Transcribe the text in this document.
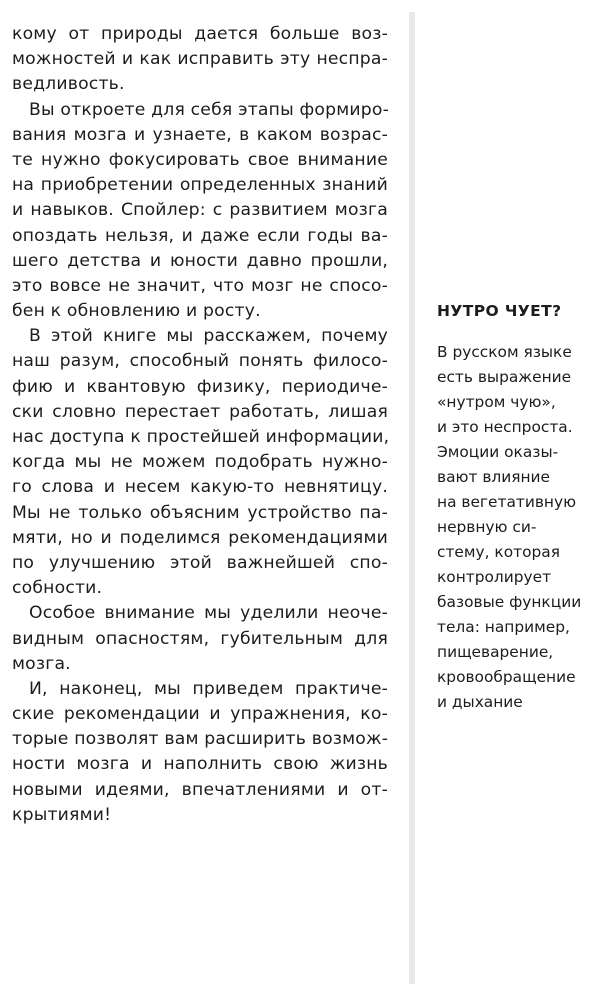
кому от природы дается больше воз-
можностей и как исправить эту неспра-
ведливость.
Вы откроете для себя этапы формиро-
вания мозга и узнаете, в каком возрас-
те нужно фокусировать свое внимание
на приобретении определенных знаний
и навыков. Спойлер: с развитием мозга
опоздать нельзя, и даже если годы ва-
шего детства и юности давно прошли,
это вовсе не значит, что мозг не спосо-
бен к обновлению и росту.
В этой книге мы расскажем, почему
наш разум, способный понять филосо-
фию и квантовую физику, периодиче-
ски словно перестает работать, лишая
нас доступа к простейшей информации,
когда мы не можем подобрать нужно-
го слова и несем какую-то невнятицу.
Мы не только объясним устройство па-
мяти, но и поделимся рекомендациями
по улучшению этой важнейшей спо-
собности.
Особое внимание мы уделили неоче-
видным опасностям, губительным для
мозга.
И, наконец, мы приведем практиче-
ские рекомендации и упражнения, ко-
торые позволят вам расширить возмож-
ности мозга и наполнить свою жизнь
новыми идеями, впечатлениями и от-
крытиями!
НУТРО ЧУЕТ?
В русском языке
есть выражение
«нутром чую»,
и это неспроста.
Эмоции оказы-
вают влияние
на вегетативную
нервную си-
стему, которая
контролирует
базовые функции
тела: например,
пищеварение,
кровообращение
и дыхание
